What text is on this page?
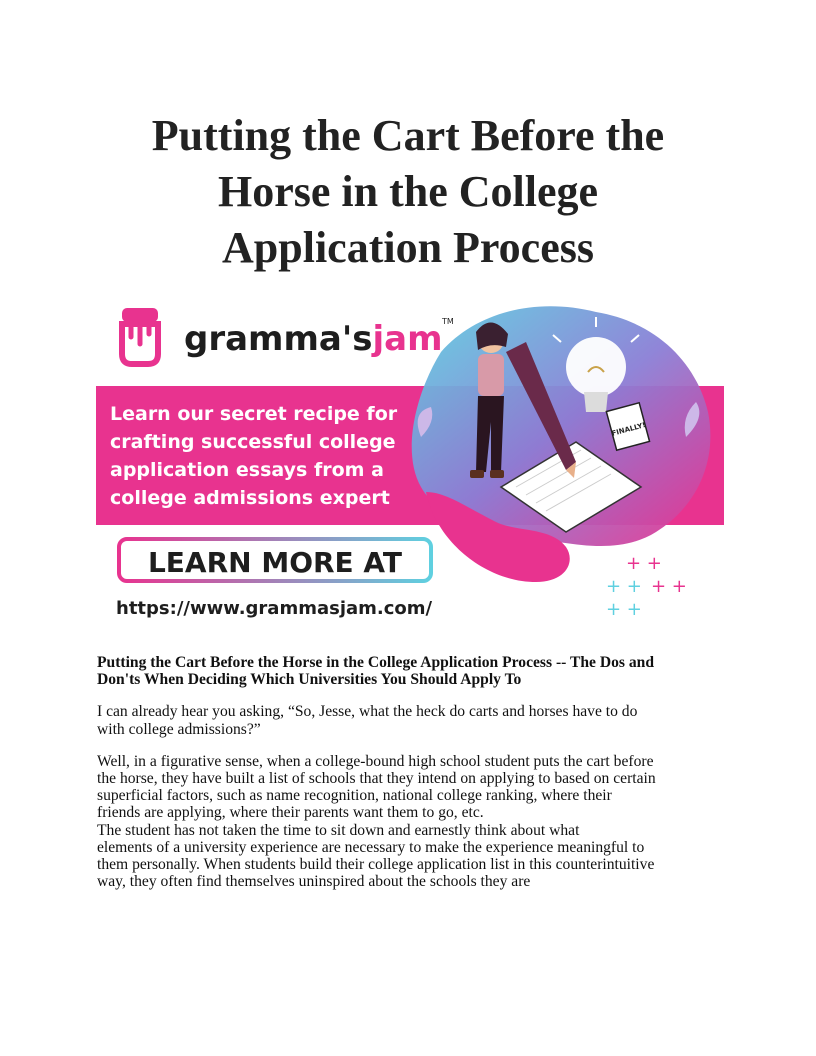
Putting the Cart Before the
Horse in the College
Application Process
FINALLY!
+ +
+ + + +
+ +
gramma'sjam TM
Learn our secret recipe for
crafting successful college
application essays from a
college admissions expert
LEARN MORE AT
https://www.grammasjam.com/

Putting the Cart Before the Horse in the College Application Process -- The Dos and
Don'ts When Deciding Which Universities You Should Apply To

I can already hear you asking, “So, Jesse, what the heck do carts and horses have to do
with college admissions?”

Well, in a figurative sense, when a college-bound high school student puts the cart before
the horse, they have built a list of schools that they intend on applying to based on certain
superficial factors, such as name recognition, national college ranking, where their
friends are applying, where their parents want them to go, etc.
The student has not taken the time to sit down and earnestly think about what
elements of a university experience are necessary to make the experience meaningful to
them personally. When students build their college application list in this counterintuitive
way, they often find themselves uninspired about the schools they are
